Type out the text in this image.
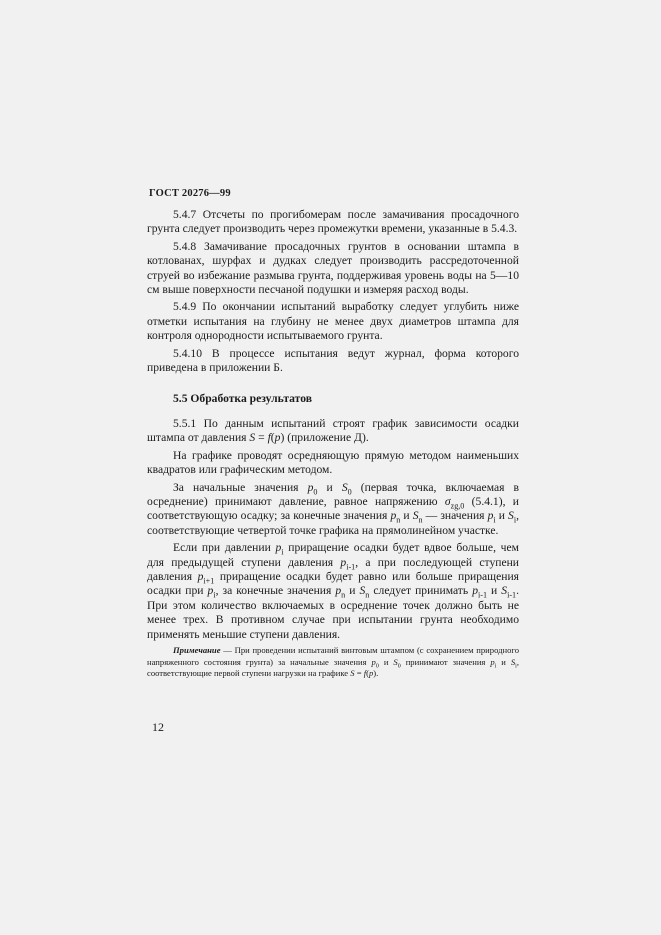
ГОСТ 20276—99

5.4.7 Отсчеты по прогибомерам после замачивания просадочного грунта следует производить через промежутки времени, указанные в 5.4.3.

5.4.8 Замачивание просадочных грунтов в основании штампа в котлованах, шурфах и дудках следует производить рассредоточенной струей во избежание размыва грунта, поддерживая уровень воды на 5—10 см выше поверхности песчаной подушки и измеряя расход воды.

5.4.9 По окончании испытаний выработку следует углубить ниже отметки испытания на глубину не менее двух диаметров штампа для контроля однородности испытываемого грунта.

5.4.10 В процессе испытания ведут журнал, форма которого приведена в приложении Б.

5.5 Обработка результатов

5.5.1 По данным испытаний строят график зависимости осадки штампа от давления S = f(p) (приложение Д).

На графике проводят осредняющую прямую методом наименьших квадратов или графическим методом.

За начальные значения $p_0$ и $S_0$ (первая точка, включаемая в осреднение) принимают давление, равное напряжению $\sigma_{zg,0}$ (5.4.1), и соответствующую осадку; за конечные значения $p_n$ и $S_n$ — значения $p_i$ и $S_i$, соответствующие четвертой точке графика на прямолинейном участке.

Если при давлении $p_i$ приращение осадки будет вдвое больше, чем для предыдущей ступени давления $p_{i-1}$, а при последующей ступени давления $p_{i+1}$ приращение осадки будет равно или больше приращения осадки при $p_i$, за конечные значения $p_n$ и $S_n$ следует принимать $p_{i-1}$ и $S_{i-1}$. При этом количество включаемых в осреднение точек должно быть не менее трех. В противном случае при испытании грунта необходимо применять меньшие ступени давления.

Примечание — При проведении испытаний винтовым штампом (с сохранением природного напряженного состояния грунта) за начальные значения $p_0$ и $S_0$ принимают значения $p_i$ и $S_i$, соответствующие первой ступени нагрузки на графике S = f(p).

12
